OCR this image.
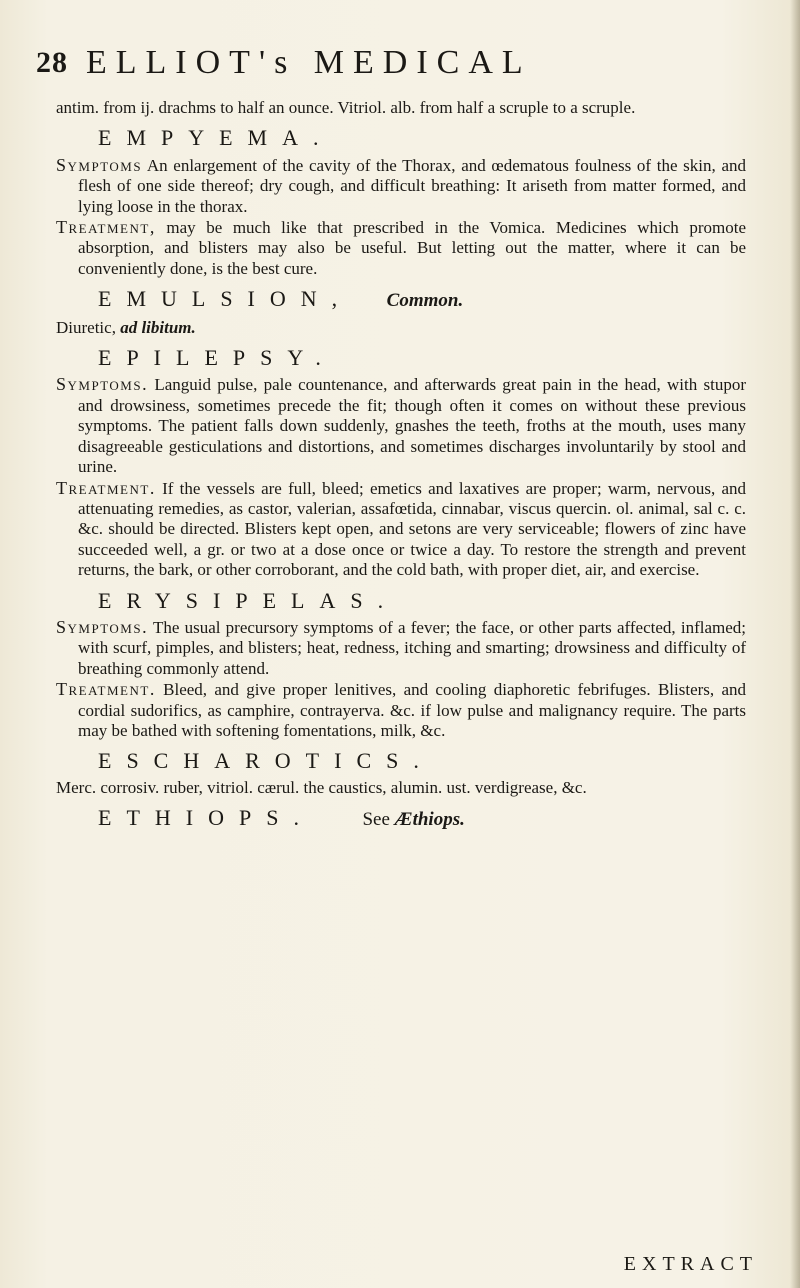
28 ELLIOT's MEDICAL

antim. from ij. drachms to half an ounce. Vitriol. alb. from half a scruple to a scruple.

EMPYEMA.

Symptoms An enlargement of the cavity of the Thorax, and œdematous foulness of the skin, and flesh of one side thereof; dry cough, and difficult breathing: It ariseth from matter formed, and lying loose in the thorax.

Treatment, may be much like that prescribed in the Vomica. Medicines which promote absorption, and blisters may also be useful. But letting out the matter, where it can be conveniently done, is the best cure.

EMULSION, Common.

Diuretic, ad libitum.

EPILEPSY.

Symptoms. Languid pulse, pale countenance, and afterwards great pain in the head, with stupor and drowsiness, sometimes precede the fit; though often it comes on without these previous symptoms. The patient falls down suddenly, gnashes the teeth, froths at the mouth, uses many disagreeable gesticulations and distortions, and sometimes discharges involuntarily by stool and urine.

Treatment. If the vessels are full, bleed; emetics and laxatives are proper; warm, nervous, and attenuating remedies, as castor, valerian, assafœtida, cinnabar, viscus quercin. ol. animal, sal c. c. &c. should be directed. Blisters kept open, and setons are very serviceable; flowers of zinc have succeeded well, a gr. or two at a dose once or twice a day. To restore the strength and prevent returns, the bark, or other corroborant, and the cold bath, with proper diet, air, and exercise.

ERYSIPELAS.

Symptoms. The usual precursory symptoms of a fever; the face, or other parts affected, inflamed; with scurf, pimples, and blisters; heat, redness, itching and smarting; drowsiness and difficulty of breathing commonly attend.

Treatment. Bleed, and give proper lenitives, and cooling diaphoretic febrifuges. Blisters, and cordial sudorifics, as camphire, contrayerva. &c. if low pulse and malignancy require. The parts may be bathed with softening fomentations, milk, &c.

ESCHAROTICS.

Merc. corrosiv. ruber, vitriol. cærul. the caustics, alumin. ust. verdigrease, &c.

ETHIOPS.	See Æthiops.
EXTRACT
